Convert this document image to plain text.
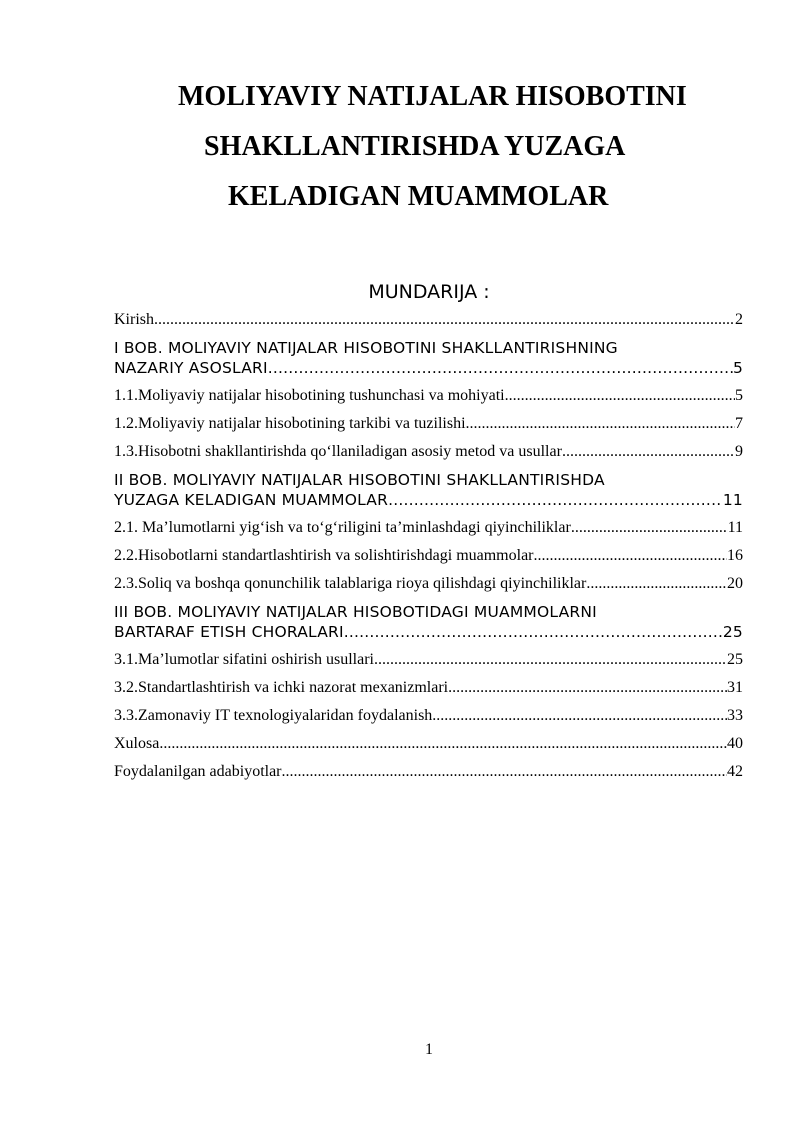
MOLIYAVIY NATIJALAR HISOBOTINI
SHAKLLANTIRISHDA YUZAGA
KELADIGAN MUAMMOLAR
MUNDARIJA :
Kirish .....	2
I BOB. MOLIYAVIY NATIJALAR HISOBOTINI SHAKLLANTIRISHNING
NAZARIY ASOSLARI .....	5
1.1.Moliyaviy natijalar hisobotining tushunchasi va mohiyati .....	5
1.2.Moliyaviy natijalar hisobotining tarkibi va tuzilishi .....	7
1.3.Hisobotni shakllantirishda qo‘llaniladigan asosiy metod va usullar .....	9
II BOB. MOLIYAVIY NATIJALAR HISOBOTINI SHAKLLANTIRISHDA
YUZAGA KELADIGAN MUAMMOLAR .....	11
2.1. Ma’lumotlarni yig‘ish va to‘g‘riligini ta’minlashdagi qiyinchiliklar .....	11
2.2.Hisobotlarni standartlashtirish va solishtirishdagi muammolar .....	16
2.3.Soliq va boshqa qonunchilik talablariga rioya qilishdagi qiyinchiliklar .....	20
III BOB. MOLIYAVIY NATIJALAR HISOBOTIDAGI MUAMMOLARNI
BARTARAF ETISH CHORALARI .....	25
3.1.Ma’lumotlar sifatini oshirish usullari .....	25
3.2.Standartlashtirish va ichki nazorat mexanizmlari .....	31
3.3.Zamonaviy IT texnologiyalaridan foydalanish .....	33
Xulosa .....	40
Foydalanilgan adabiyotlar .....	42
1
